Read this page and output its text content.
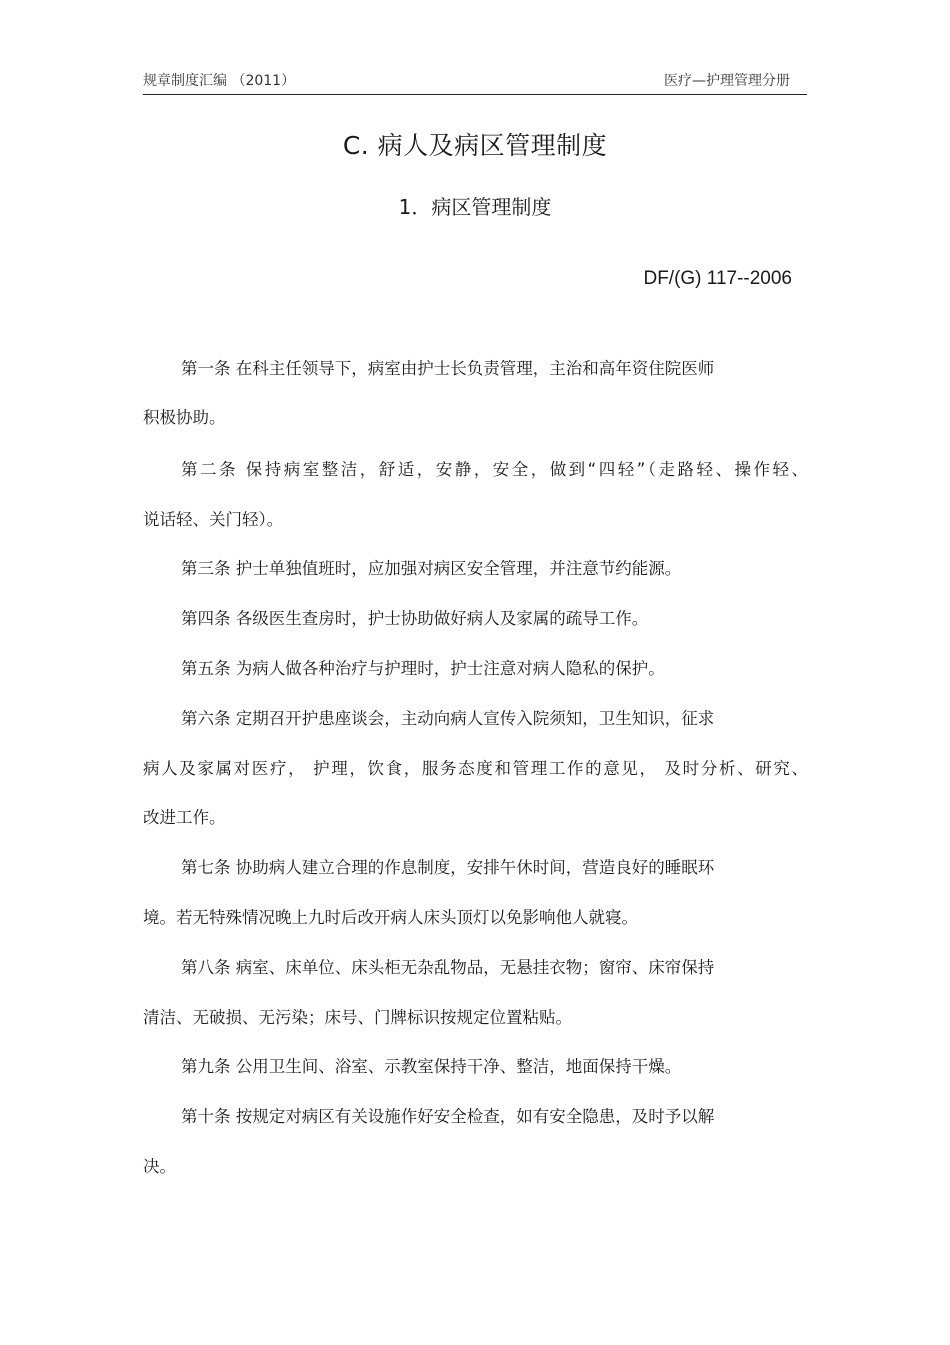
规章制度汇编 （2011）	医疗—护理管理分册
C. 病人及病区管理制度
1．病区管理制度
DF/(G) 117--2006
第一条 在科主任领导下，病室由护士长负责管理，主治和高年资住院医师
积极协助。
第二条 保持病室整洁，舒适，安静，安全，做到“四轻”（走路轻、操作轻、
说话轻、关门轻）。
第三条 护士单独值班时，应加强对病区安全管理，并注意节约能源。
第四条 各级医生查房时，护士协助做好病人及家属的疏导工作。
第五条 为病人做各种治疗与护理时，护士注意对病人隐私的保护。
第六条 定期召开护患座谈会，主动向病人宣传入院须知，卫生知识，征求
病人及家属对医疗， 护理，饮食，服务态度和管理工作的意见， 及时分析、研究、
改进工作。
第七条 协助病人建立合理的作息制度，安排午休时间，营造良好的睡眠环
境。若无特殊情况晚上九时后改开病人床头顶灯以免影响他人就寝。
第八条 病室、床单位、床头柜无杂乱物品，无悬挂衣物；窗帘、床帘保持
清洁、无破损、无污染；床号、门牌标识按规定位置粘贴。
第九条 公用卫生间、浴室、示教室保持干净、整洁，地面保持干燥。
第十条 按规定对病区有关设施作好安全检查，如有安全隐患，及时予以解
决。
